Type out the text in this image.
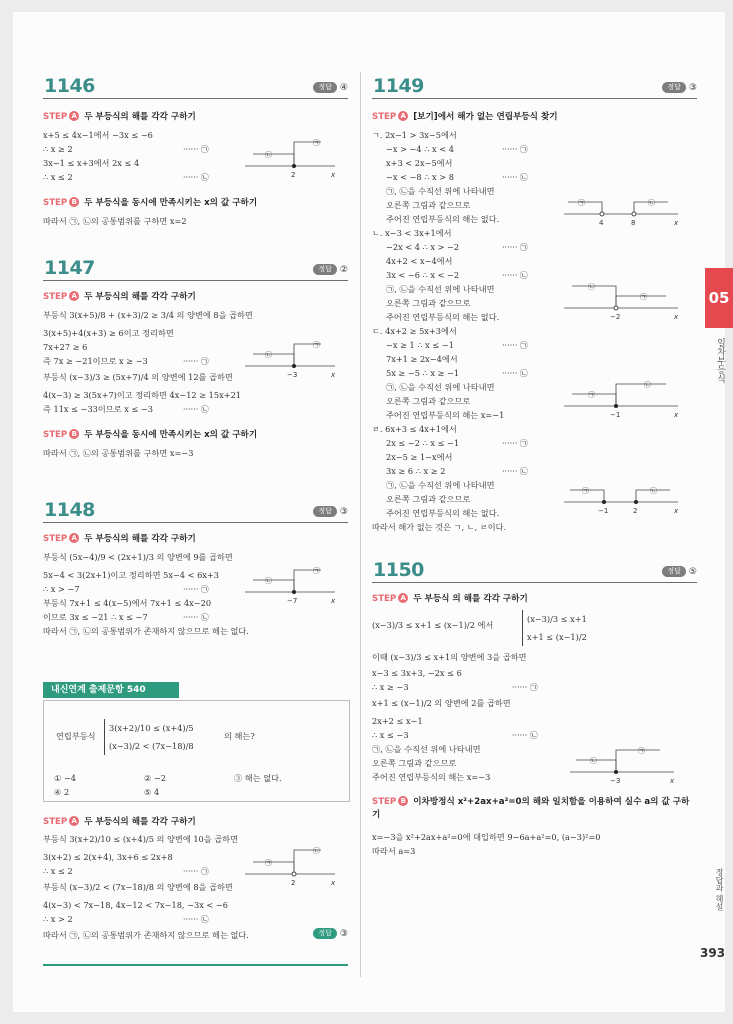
1146	정답 ④
STEP A 두 부등식의 해를 각각 구하기
x+5 ≤ 4x−1에서 −3x ≤ −6
∴ x ≥ 2	······ ㉠
3x−1 ≤ x+3에서 2x ≤ 4
∴ x ≤ 2	······ ㉡
㉡
㉠
2	x
STEP B 두 부등식을 동시에 만족시키는 x의 값 구하기
따라서 ㉠, ㉡의 공통범위를 구하면 x=2
1147	정답 ②
STEP A 두 부등식의 해를 각각 구하기
부등식 3(x+5)/8 + (x+3)/2 ≥ 3/4 의 양변에 8을 곱하면
3(x+5)+4(x+3) ≥ 6이고 정리하면
7x+27 ≥ 6
즉 7x ≥ −21이므로 x ≥ −3	······ ㉠
부등식 (x−3)/3 ≥ (5x+7)/4 의 양변에 12를 곱하면
4(x−3) ≥ 3(5x+7)이고 정리하면 4x−12 ≥ 15x+21
즉 11x ≤ −33이므로 x ≤ −3	······ ㉡
㉡
㉠
−3	x
STEP B 두 부등식을 동시에 만족시키는 x의 값 구하기
따라서 ㉠, ㉡의 공통범위를 구하면 x=−3
1148	정답 ③
STEP A 두 부등식의 해를 각각 구하기
부등식 (5x−4)/9 < (2x+1)/3 의 양변에 9를 곱하면
5x−4 < 3(2x+1)이고 정리하면 5x−4 < 6x+3
∴ x > −7	······ ㉠
부등식 7x+1 ≤ 4(x−5)에서 7x+1 ≤ 4x−20
이므로 3x ≤ −21 ∴ x ≤ −7	······ ㉡
따라서 ㉠, ㉡의 공통범위가 존재하지 않으므로 해는 없다.
㉡
㉠
−7	x
내신연계 출제문항 540
연립부등식
3(x+2)/10 ≤ (x+4)/5
(x−3)/2 < (7x−18)/8
의 해는?
① −4	② −2	③ 해는 없다.
④ 2	⑤ 4
STEP A 두 부등식의 해를 각각 구하기
부등식 3(x+2)/10 ≤ (x+4)/5 의 양변에 10을 곱하면
3(x+2) ≤ 2(x+4), 3x+6 ≤ 2x+8
∴ x ≤ 2	······ ㉠
부등식 (x−3)/2 < (7x−18)/8 의 양변에 8을 곱하면
4(x−3) < 7x−18, 4x−12 < 7x−18, −3x < −6
∴ x > 2	······ ㉡
따라서 ㉠, ㉡의 공통범위가 존재하지 않으므로 해는 없다.	정답 ③
㉠
㉡
2	x
1149	정답 ③
STEP A [보기]에서 해가 없는 연립부등식 찾기
ㄱ. 2x−1 > 3x−5에서
−x > −4 ∴ x < 4	······ ㉠
x+3 < 2x−5에서
−x < −8 ∴ x > 8	······ ㉡
㉠, ㉡을 수직선 위에 나타내면
오른쪽 그림과 같으므로
주어진 연립부등식의 해는 없다.
㉠	㉡
4	8	x
ㄴ. x−3 < 3x+1에서
−2x < 4 ∴ x > −2	······ ㉠
4x+2 < x−4에서
3x < −6 ∴ x < −2	······ ㉡
㉠, ㉡을 수직선 위에 나타내면
오른쪽 그림과 같으므로
주어진 연립부등식의 해는 없다.
㉡
㉠
−2	x
ㄷ. 4x+2 ≥ 5x+3에서
−x ≥ 1 ∴ x ≤ −1	······ ㉠
7x+1 ≥ 2x−4에서
5x ≥ −5 ∴ x ≥ −1	······ ㉡
㉠, ㉡을 수직선 위에 나타내면
오른쪽 그림과 같으므로
주어진 연립부등식의 해는 x=−1
㉠
㉡
−1	x
ㄹ. 6x+3 ≤ 4x+1에서
2x ≤ −2 ∴ x ≤ −1	······ ㉠
2x−5 ≥ 1−x에서
3x ≥ 6 ∴ x ≥ 2	······ ㉡
㉠, ㉡을 수직선 위에 나타내면
오른쪽 그림과 같으므로
주어진 연립부등식의 해는 없다.
따라서 해가 없는 것은 ㄱ, ㄴ, ㄹ이다.
㉠	㉡
−1	2	x
1150	정답 ⑤
STEP A 두 부등식 의 해를 각각 구하기
(x−3)/3 ≤ x+1 ≤ (x−1)/2 에서
(x−3)/3 ≤ x+1
x+1 ≤ (x−1)/2
이때 (x−3)/3 ≤ x+1의 양변에 3을 곱하면
x−3 ≤ 3x+3, −2x ≤ 6
∴ x ≥ −3	······ ㉠
x+1 ≤ (x−1)/2 의 양변에 2를 곱하면
2x+2 ≤ x−1
∴ x ≤ −3	······ ㉡
㉠, ㉡을 수직선 위에 나타내면
오른쪽 그림과 같으므로
주어진 연립부등식의 해는 x=−3
㉡
㉠
−3	x
STEP B 이차방정식 x²+2ax+a²=0의 해와 일치함을 이용하여 실수 a의 값 구하기
x=−3을 x²+2ax+a²=0에 대입하면 9−6a+a²=0, (a−3)²=0
따라서 a=3
05
일차부등식
정답과 해설
393
